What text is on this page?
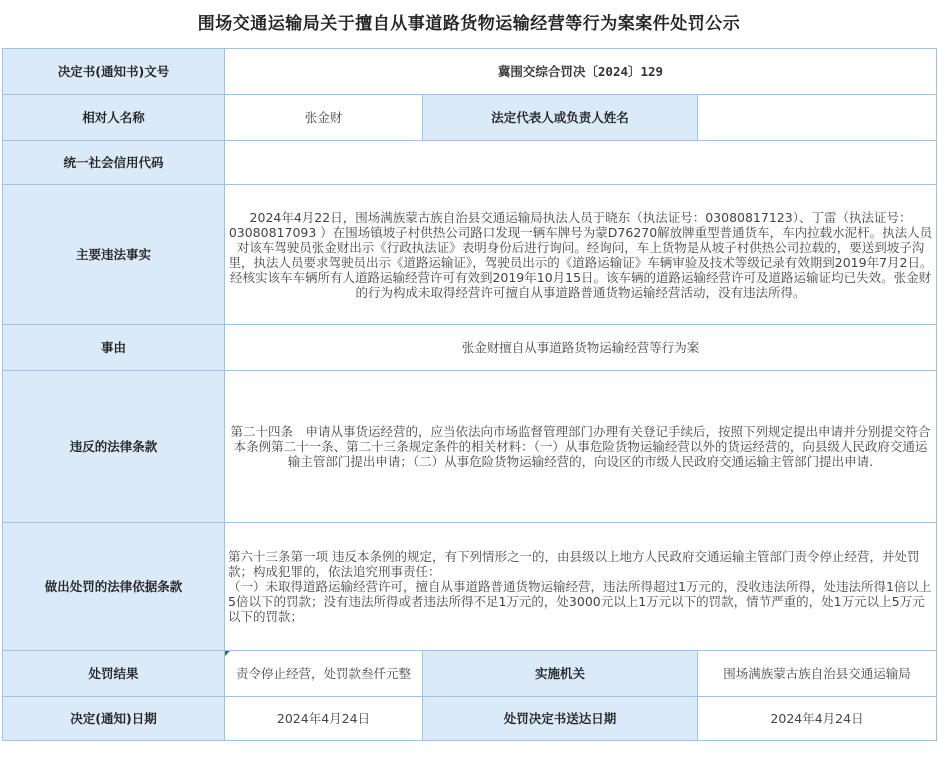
围场交通运输局关于擅自从事道路货物运输经营等行为案案件处罚公示
决定书(通知书)文号	冀围交综合罚决〔2024〕129		
相对人名称	张金财	法定代表人或负责人姓名	
统一社会信用代码			
主要违法事实	2024年4月22日，围场满族蒙古族自治县交通运输局执法人员于晓东（执法证号：03080817123）、丁雷（执法证号：03080817093 ）在围场镇坡子村供热公司路口发现一辆车牌号为蒙D76270解放牌重型普通货车，车内拉载水泥杆。执法人员对该车驾驶员张金财出示《行政执法证》表明身份后进行询问。经询问，车上货物是从坡子村供热公司拉载的，要送到坡子沟里，执法人员要求驾驶员出示《道路运输证》，驾驶员出示的《道路运输证》车辆审验及技术等级记录有效期到2019年7月2日。经核实该车车辆所有人道路运输经营许可有效到2019年10月15日。该车辆的道路运输经营许可及道路运输证均已失效。张金财的行为构成未取得经营许可擅自从事道路普通货物运输经营活动，没有违法所得。		
事由	张金财擅自从事道路货物运输经营等行为案		
违反的法律条款	第二十四条　申请从事货运经营的，应当依法向市场监督管理部门办理有关登记手续后，按照下列规定提出申请并分别提交符合本条例第二十一条、第二十三条规定条件的相关材料：（一）从事危险货物运输经营以外的货运经营的，向县级人民政府交通运输主管部门提出申请；（二）从事危险货物运输经营的，向设区的市级人民政府交通运输主管部门提出申请.		
做出处罚的法律依据条款	第六十三条第一项 违反本条例的规定，有下列情形之一的，由县级以上地方人民政府交通运输主管部门责令停止经营，并处罚款；构成犯罪的，依法追究刑事责任：
（一）未取得道路运输经营许可，擅自从事道路普通货物运输经营，违法所得超过1万元的，没收违法所得，处违法所得1倍以上5倍以下的罚款；没有违法所得或者违法所得不足1万元的，处3000元以上1万元以下的罚款，情节严重的，处1万元以上5万元以下的罚款；		

处罚结果	责令停止经营，处罚款叁仟元整	实施机关	围场满族蒙古族自治县交通运输局
决定(通知)日期	2024年4月24日	处罚决定书送达日期	2024年4月24日
